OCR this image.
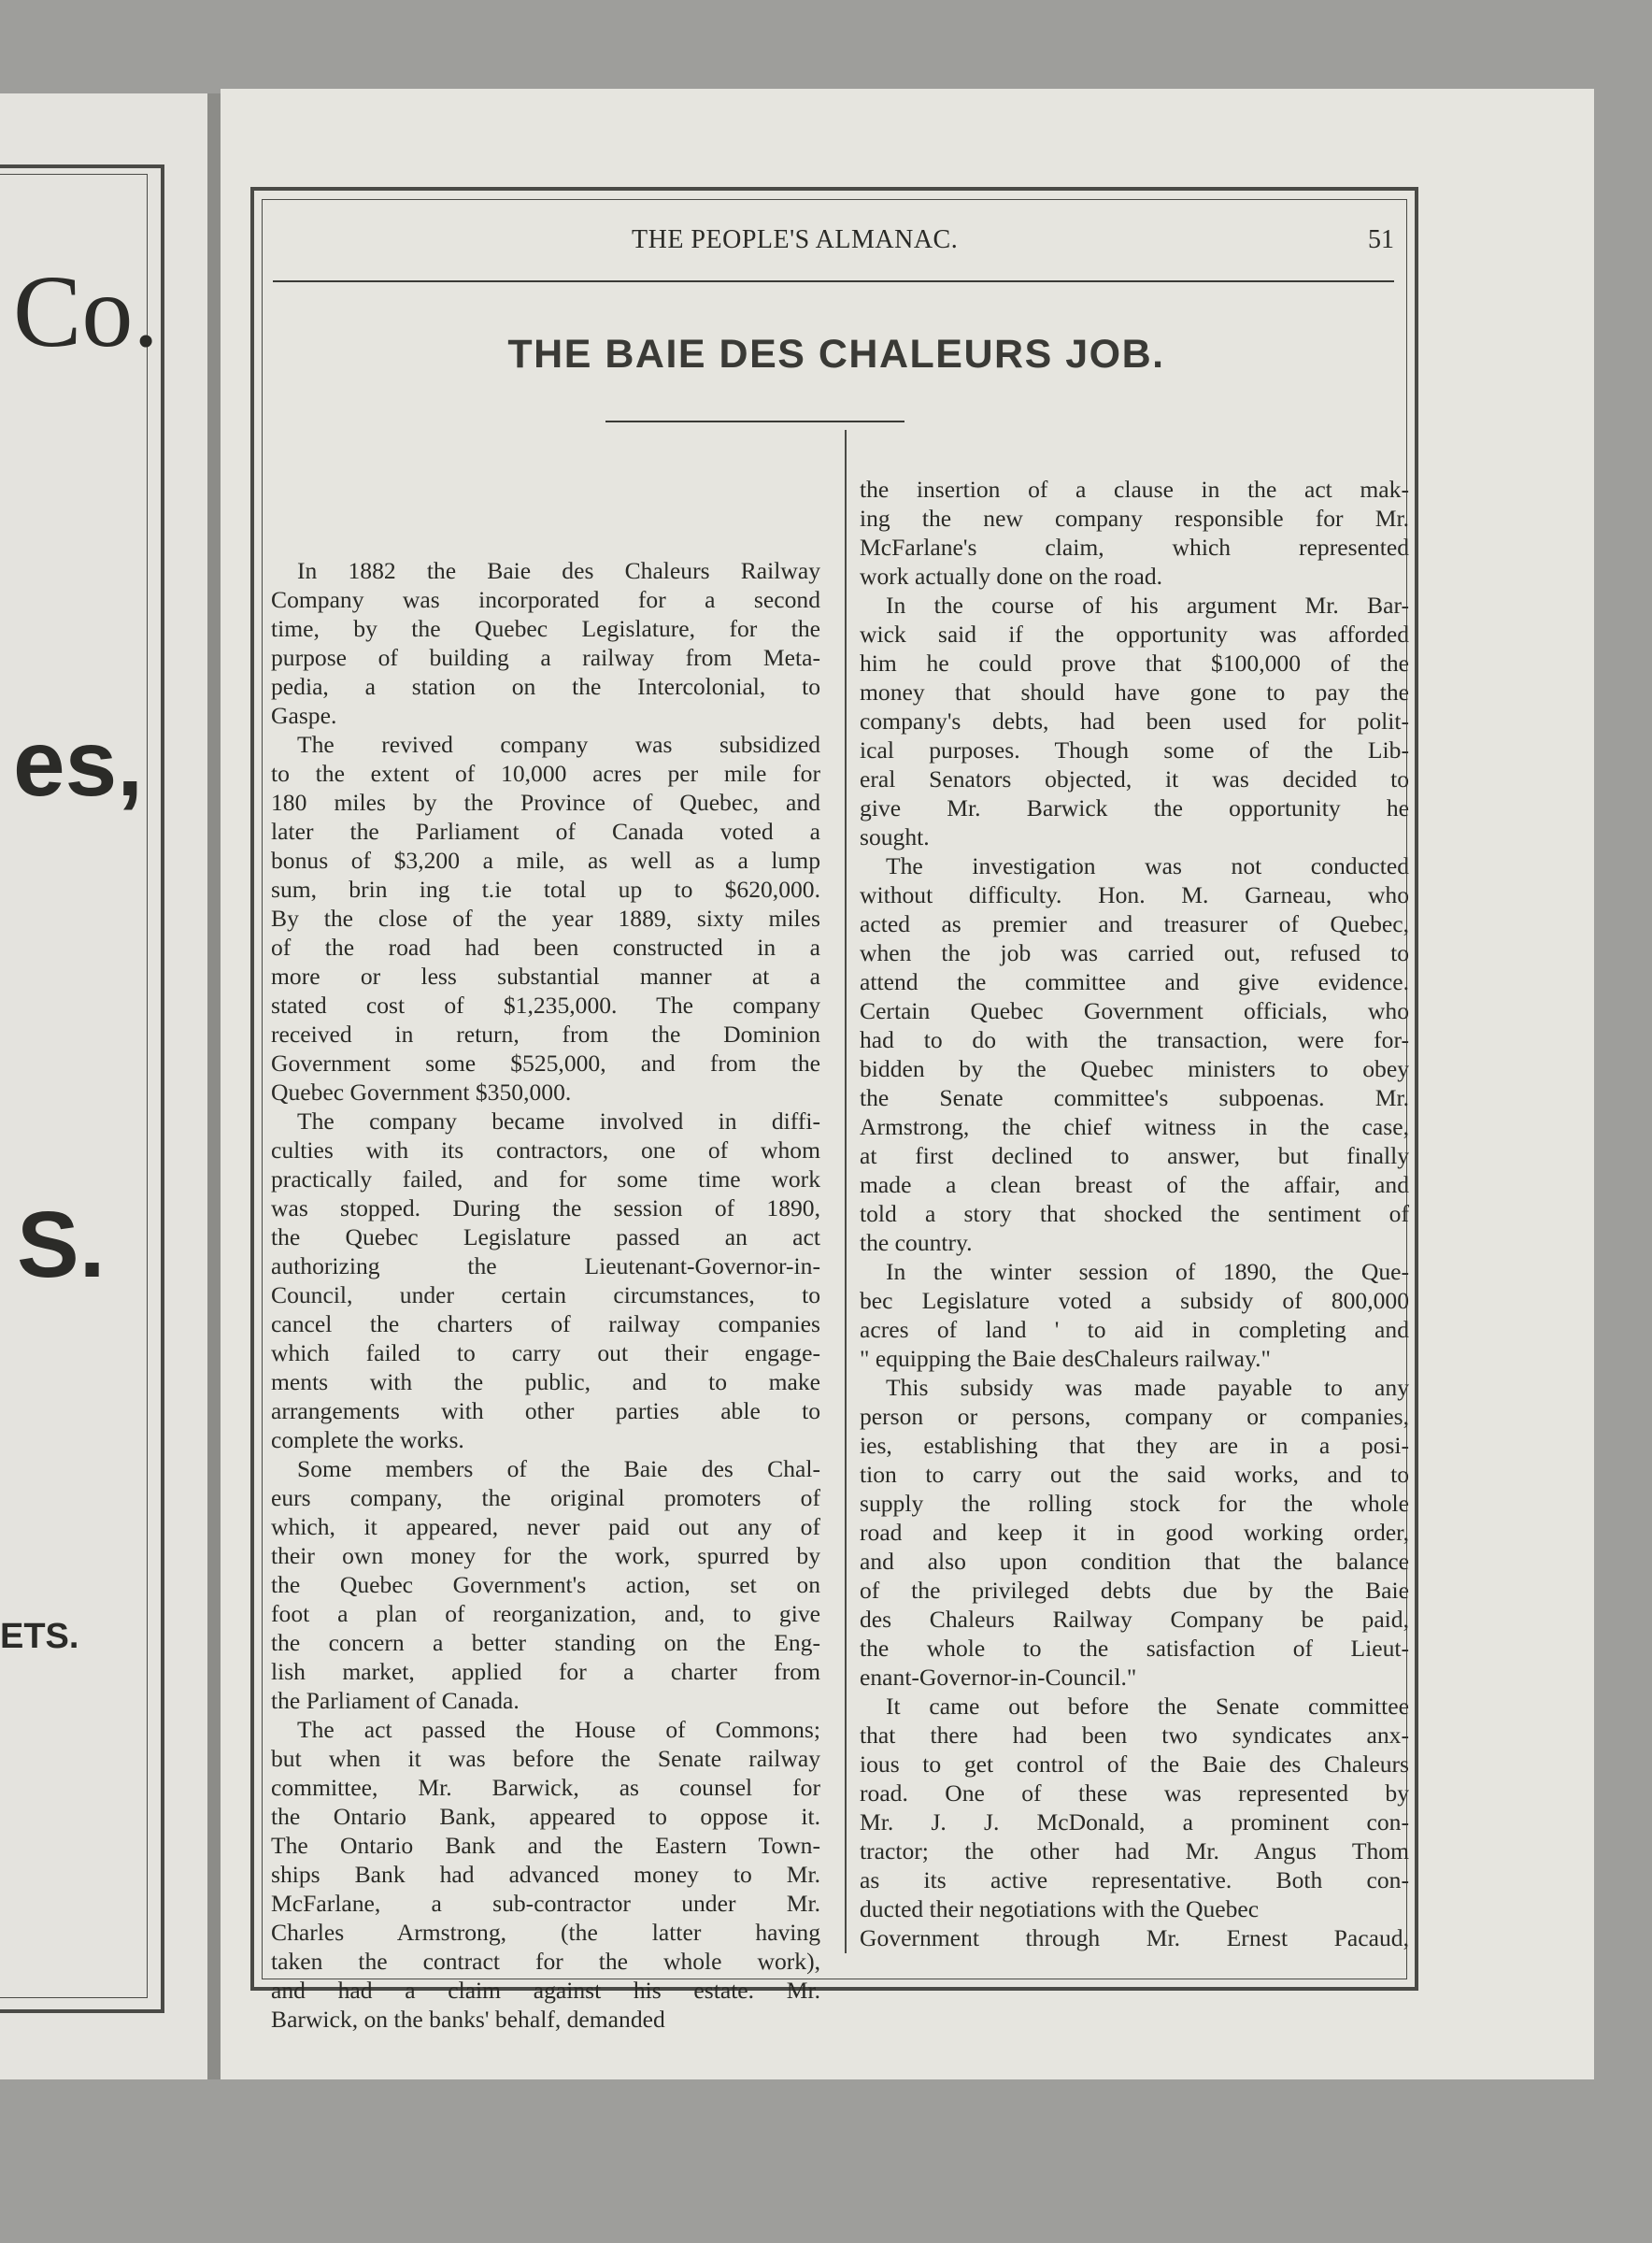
Co.
es,
S.
ETS.
THE PEOPLE'S ALMANAC.	51
THE BAIE DES CHALEURS JOB.
In 1882 the Baie des Chaleurs Railway
Company was incorporated for a second
time, by the Quebec Legislature, for the
purpose of building a railway from Meta-
pedia, a station on the Intercolonial, to
Gaspe.
The revived company was subsidized
to the extent of 10,000 acres per mile for
180 miles by the Province of Quebec, and
later the Parliament of Canada voted a
bonus of $3,200 a mile, as well as a lump
sum, brin ing t.ie total up to $620,000.
By the close of the year 1889, sixty miles
of the road had been constructed in a
more or less substantial manner at a
stated cost of $1,235,000. The company
received in return, from the Dominion
Government some $525,000, and from the
Quebec Government $350,000.
The company became involved in diffi-
culties with its contractors, one of whom
practically failed, and for some time work
was stopped. During the session of 1890,
the Quebec Legislature passed an act
authorizing the Lieutenant-Governor-in-
Council, under certain circumstances, to
cancel the charters of railway companies
which failed to carry out their engage-
ments with the public, and to make
arrangements with other parties able to
complete the works.
Some members of the Baie des Chal-
eurs company, the original promoters of
which, it appeared, never paid out any of
their own money for the work, spurred by
the Quebec Government's action, set on
foot a plan of reorganization, and, to give
the concern a better standing on the Eng-
lish market, applied for a charter from
the Parliament of Canada.
The act passed the House of Commons;
but when it was before the Senate railway
committee, Mr. Barwick, as counsel for
the Ontario Bank, appeared to oppose it.
The Ontario Bank and the Eastern Town-
ships Bank had advanced money to Mr.
McFarlane, a sub-contractor under Mr.
Charles Armstrong, (the latter having
taken the contract for the whole work),
and had a claim against his estate. Mr.
Barwick, on the banks' behalf, demanded
the insertion of a clause in the act mak-
ing the new company responsible for Mr.
McFarlane's claim, which represented
work actually done on the road.
In the course of his argument Mr. Bar-
wick said if the opportunity was afforded
him he could prove that $100,000 of the
money that should have gone to pay the
company's debts, had been used for polit-
ical purposes. Though some of the Lib-
eral Senators objected, it was decided to
give Mr. Barwick the opportunity he
sought.
The investigation was not conducted
without difficulty. Hon. M. Garneau, who
acted as premier and treasurer of Quebec,
when the job was carried out, refused to
attend the committee and give evidence.
Certain Quebec Government officials, who
had to do with the transaction, were for-
bidden by the Quebec ministers to obey
the Senate committee's subpoenas. Mr.
Armstrong, the chief witness in the case,
at first declined to answer, but finally
made a clean breast of the affair, and
told a story that shocked the sentiment of
the country.
In the winter session of 1890, the Que-
bec Legislature voted a subsidy of 800,000
acres of land ' to aid in completing and
" equipping the Baie desChaleurs railway."
This subsidy was made payable to any
person or persons, company or companies,
ies, establishing that they are in a posi-
tion to carry out the said works, and to
supply the rolling stock for the whole
road and keep it in good working order,
and also upon condition that the balance
of the privileged debts due by the Baie
des Chaleurs Railway Company be paid,
the whole to the satisfaction of Lieut-
enant-Governor-in-Council."
It came out before the Senate committee
that there had been two syndicates anx-
ious to get control of the Baie des Chaleurs
road. One of these was represented by
Mr. J. J. McDonald, a prominent con-
tractor; the other had Mr. Angus Thom
as its active representative. Both con-
ducted their negotiations with the Quebec
Government through Mr. Ernest Pacaud,
